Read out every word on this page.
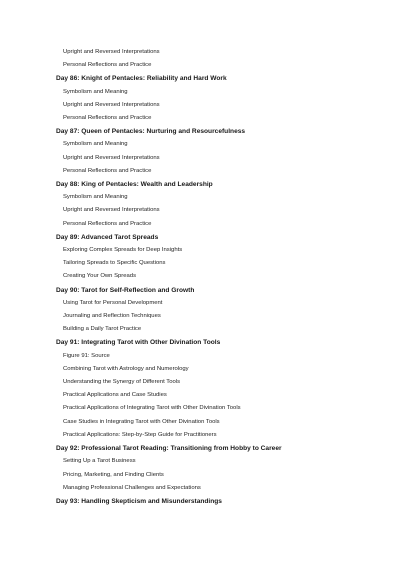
Upright and Reversed Interpretations
Personal Reflections and Practice
Day 86: Knight of Pentacles: Reliability and Hard Work
Symbolism and Meaning
Upright and Reversed Interpretations
Personal Reflections and Practice
Day 87: Queen of Pentacles: Nurturing and Resourcefulness
Symbolism and Meaning
Upright and Reversed Interpretations
Personal Reflections and Practice
Day 88: King of Pentacles: Wealth and Leadership
Symbolism and Meaning
Upright and Reversed Interpretations
Personal Reflections and Practice
Day 89: Advanced Tarot Spreads
Exploring Complex Spreads for Deep Insights
Tailoring Spreads to Specific Questions
Creating Your Own Spreads
Day 90: Tarot for Self-Reflection and Growth
Using Tarot for Personal Development
Journaling and Reflection Techniques
Building a Daily Tarot Practice
Day 91: Integrating Tarot with Other Divination Tools
Figure 91: Source
Combining Tarot with Astrology and Numerology
Understanding the Synergy of Different Tools
Practical Applications and Case Studies
Practical Applications of Integrating Tarot with Other Divination Tools
Case Studies in Integrating Tarot with Other Divination Tools
Practical Applications: Step-by-Step Guide for Practitioners
Day 92: Professional Tarot Reading: Transitioning from Hobby to Career
Setting Up a Tarot Business
Pricing, Marketing, and Finding Clients
Managing Professional Challenges and Expectations
Day 93: Handling Skepticism and Misunderstandings
